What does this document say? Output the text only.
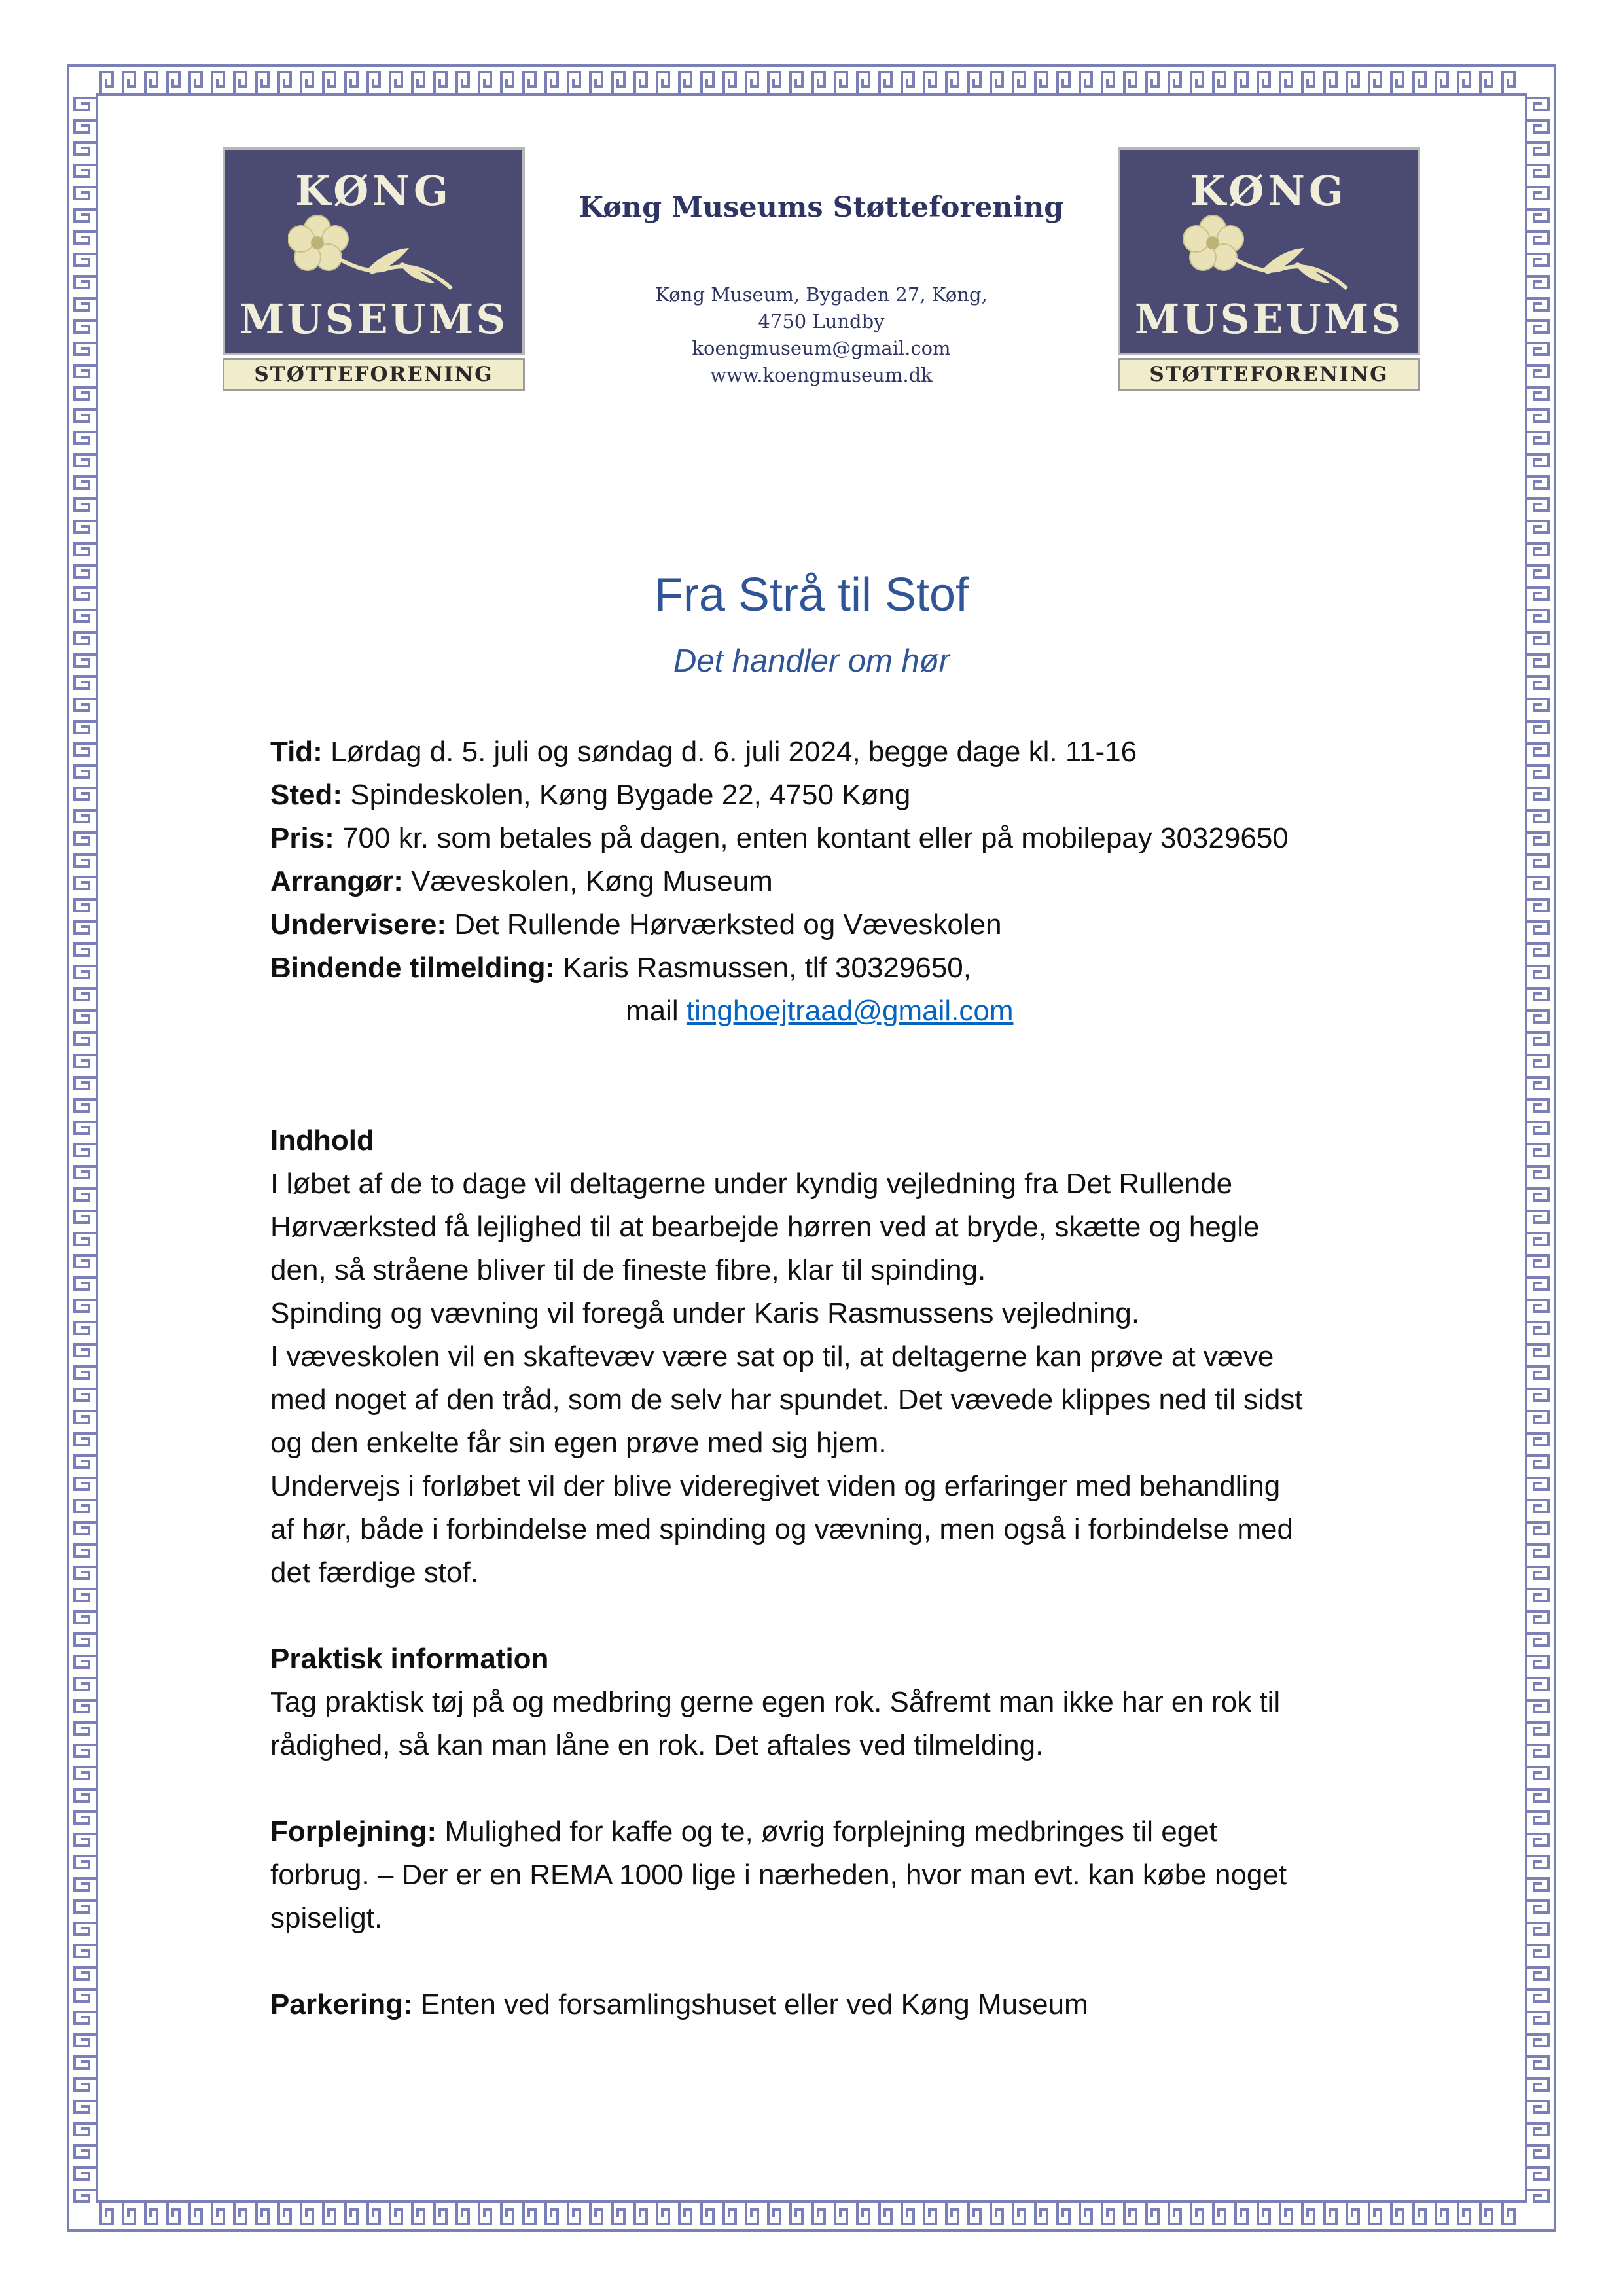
KØNG
MUSEUMS
STØTTEFORENING
Køng Museums Støtteforening
Køng Museum, Bygaden 27, Køng,
4750 Lundby
koengmuseum@gmail.com
www.koengmuseum.dk
KØNG
MUSEUMS
STØTTEFORENING
Fra Strå til Stof
Det handler om hør
Tid: Lørdag d. 5. juli og søndag d. 6. juli 2024, begge dage kl. 11-16
Sted: Spindeskolen, Køng Bygade 22, 4750 Køng
Pris: 700 kr. som betales på dagen, enten kontant eller på mobilepay 30329650
Arrangør: Væveskolen, Køng Museum
Undervisere: Det Rullende Hørværksted og Væveskolen
Bindende tilmelding: Karis Rasmussen, tlf 30329650,
mail tinghoejtraad@gmail.com
Indhold
I løbet af de to dage vil deltagerne under kyndig vejledning fra Det Rullende
Hørværksted få lejlighed til at bearbejde hørren ved at bryde, skætte og hegle
den, så stråene bliver til de fineste fibre, klar til spinding.
Spinding og vævning vil foregå under Karis Rasmussens vejledning.
I væveskolen vil en skaftevæv være sat op til, at deltagerne kan prøve at væve
med noget af den tråd, som de selv har spundet. Det vævede klippes ned til sidst
og den enkelte får sin egen prøve med sig hjem.
Undervejs i forløbet vil der blive videregivet viden og erfaringer med behandling
af hør, både i forbindelse med spinding og vævning, men også i forbindelse med
det færdige stof.
Praktisk information
Tag praktisk tøj på og medbring gerne egen rok. Såfremt man ikke har en rok til
rådighed, så kan man låne en rok. Det aftales ved tilmelding.
Forplejning: Mulighed for kaffe og te, øvrig forplejning medbringes til eget
forbrug. – Der er en REMA 1000 lige i nærheden, hvor man evt. kan købe noget
spiseligt.
Parkering: Enten ved forsamlingshuset eller ved Køng Museum
